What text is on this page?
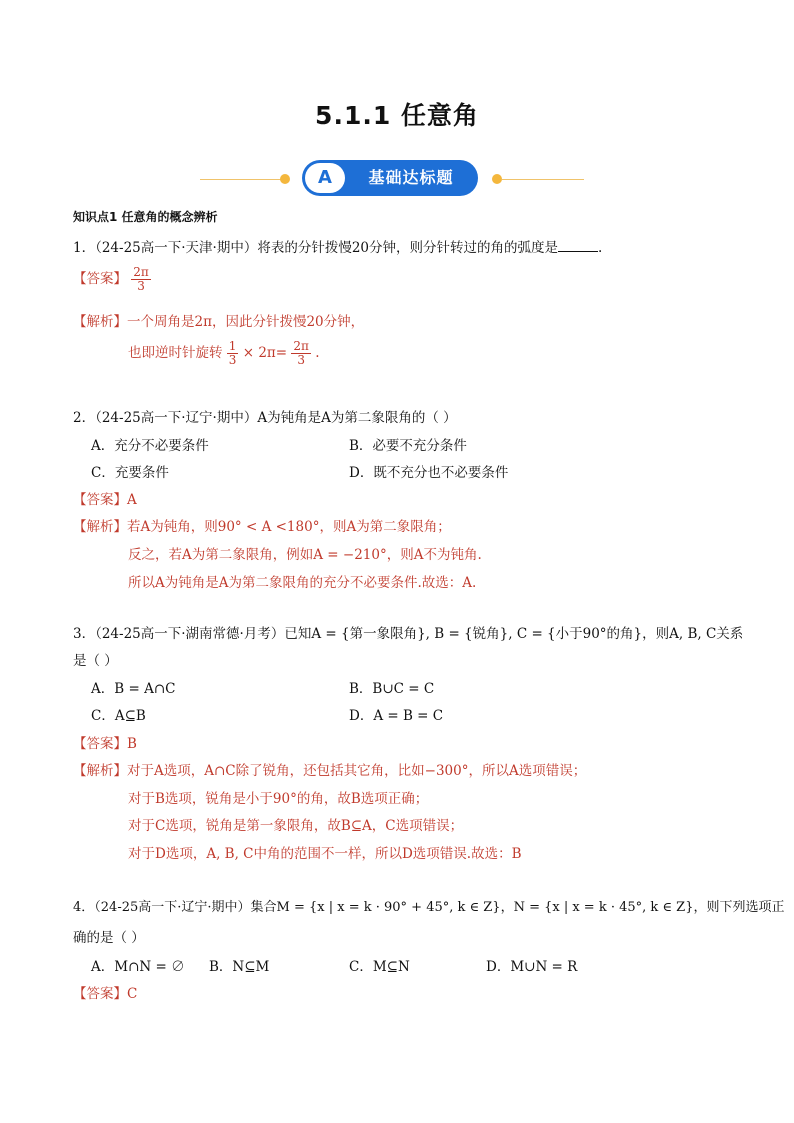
5.1.1 任意角
A	基础达标题
知识点1 任意角的概念辨析
1．（24-25高一下·天津·期中）将表的分针拨慢20分钟，则分针转过的角的弧度是	.
【答案】 $\frac{2\pi}{3}$
【解析】一个周角是2π，因此分针拨慢20分钟，
也即逆时针旋转 $\frac{1}{3} \times 2\pi= \frac{2\pi}{3}$ .
2．（24-25高一下·辽宁·期中）A为钝角是A为第二象限角的（ ）
A．充分不必要条件	B．必要不充分条件
C．充要条件	D．既不充分也不必要条件
【答案】A
【解析】若A为钝角，则90° < A <180°，则A为第二象限角；
反之，若A为第二象限角，例如A = −210°，则A不为钝角.
所以A为钝角是A为第二象限角的充分不必要条件.故选：A.
3．（24-25高一下·湖南常德·月考）已知A = {第一象限角}, B = {锐角}, C = {小于90°的角}，则A, B, C关系
是（ ）
A．B = A∩C	B．B∪C = C
C．A⊆B	D．A = B = C
【答案】B
【解析】对于A选项，A∩C除了锐角，还包括其它角，比如−300°，所以A选项错误；
对于B选项，锐角是小于90°的角，故B选项正确；
对于C选项，锐角是第一象限角，故B⊆A，C选项错误；
对于D选项，A, B, C中角的范围不一样，所以D选项错误.故选：B
4．（24-25高一下·辽宁·期中）集合M = {x | x = k · 90° + 45°, k ∈ Z}，N = {x | x = k · 45°, k ∈ Z}，则下列选项正
确的是（ ）
A．M∩N = ∅ B．N⊆M	C．M⊆N	D．M∪N = R
【答案】C
